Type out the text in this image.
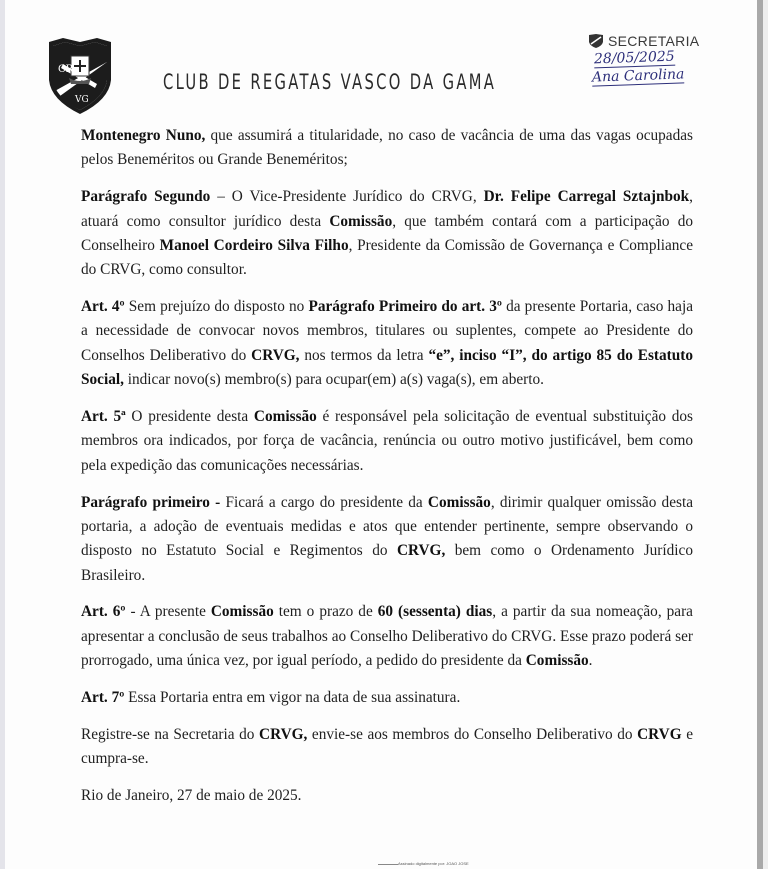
CR
VG
CLUB DE REGATAS VASCO DA GAMA
SECRETARIA
28/05/2025
Ana Carolina

Montenegro Nuno, que assumirá a titularidade, no caso de vacância de uma das vagas ocupadas pelos Beneméritos ou Grande Beneméritos;

Parágrafo Segundo – O Vice-Presidente Jurídico do CRVG, Dr. Felipe Carregal Sztajnbok, atuará como consultor jurídico desta Comissão, que também contará com a participação do Conselheiro Manoel Cordeiro Silva Filho, Presidente da Comissão de Governança e Compliance do CRVG, como consultor.

Art. 4º Sem prejuízo do disposto no Parágrafo Primeiro do art. 3º da presente Portaria, caso haja a necessidade de convocar novos membros, titulares ou suplentes, compete ao Presidente do Conselhos Deliberativo do CRVG, nos termos da letra “e”, inciso “I”, do artigo 85 do Estatuto Social, indicar novo(s) membro(s) para ocupar(em) a(s) vaga(s), em aberto.

Art. 5ª O presidente desta Comissão é responsável pela solicitação de eventual substituição dos membros ora indicados, por força de vacância, renúncia ou outro motivo justificável, bem como pela expedição das comunicações necessárias.

Parágrafo primeiro - Ficará a cargo do presidente da Comissão, dirimir qualquer omissão desta portaria, a adoção de eventuais medidas e atos que entender pertinente, sempre observando o disposto no Estatuto Social e Regimentos do CRVG, bem como o Ordenamento Jurídico Brasileiro.

Art. 6º - A presente Comissão tem o prazo de 60 (sessenta) dias, a partir da sua nomeação, para apresentar a conclusão de seus trabalhos ao Conselho Deliberativo do CRVG. Esse prazo poderá ser prorrogado, uma única vez, por igual período, a pedido do presidente da Comissão.

Art. 7º Essa Portaria entra em vigor na data de sua assinatura.

Registre-se na Secretaria do CRVG, envie-se aos membros do Conselho Deliberativo do CRVG e cumpra-se.

Rio de Janeiro, 27 de maio de 2025.

Assinado digitalmente por: JOAO JOSE
